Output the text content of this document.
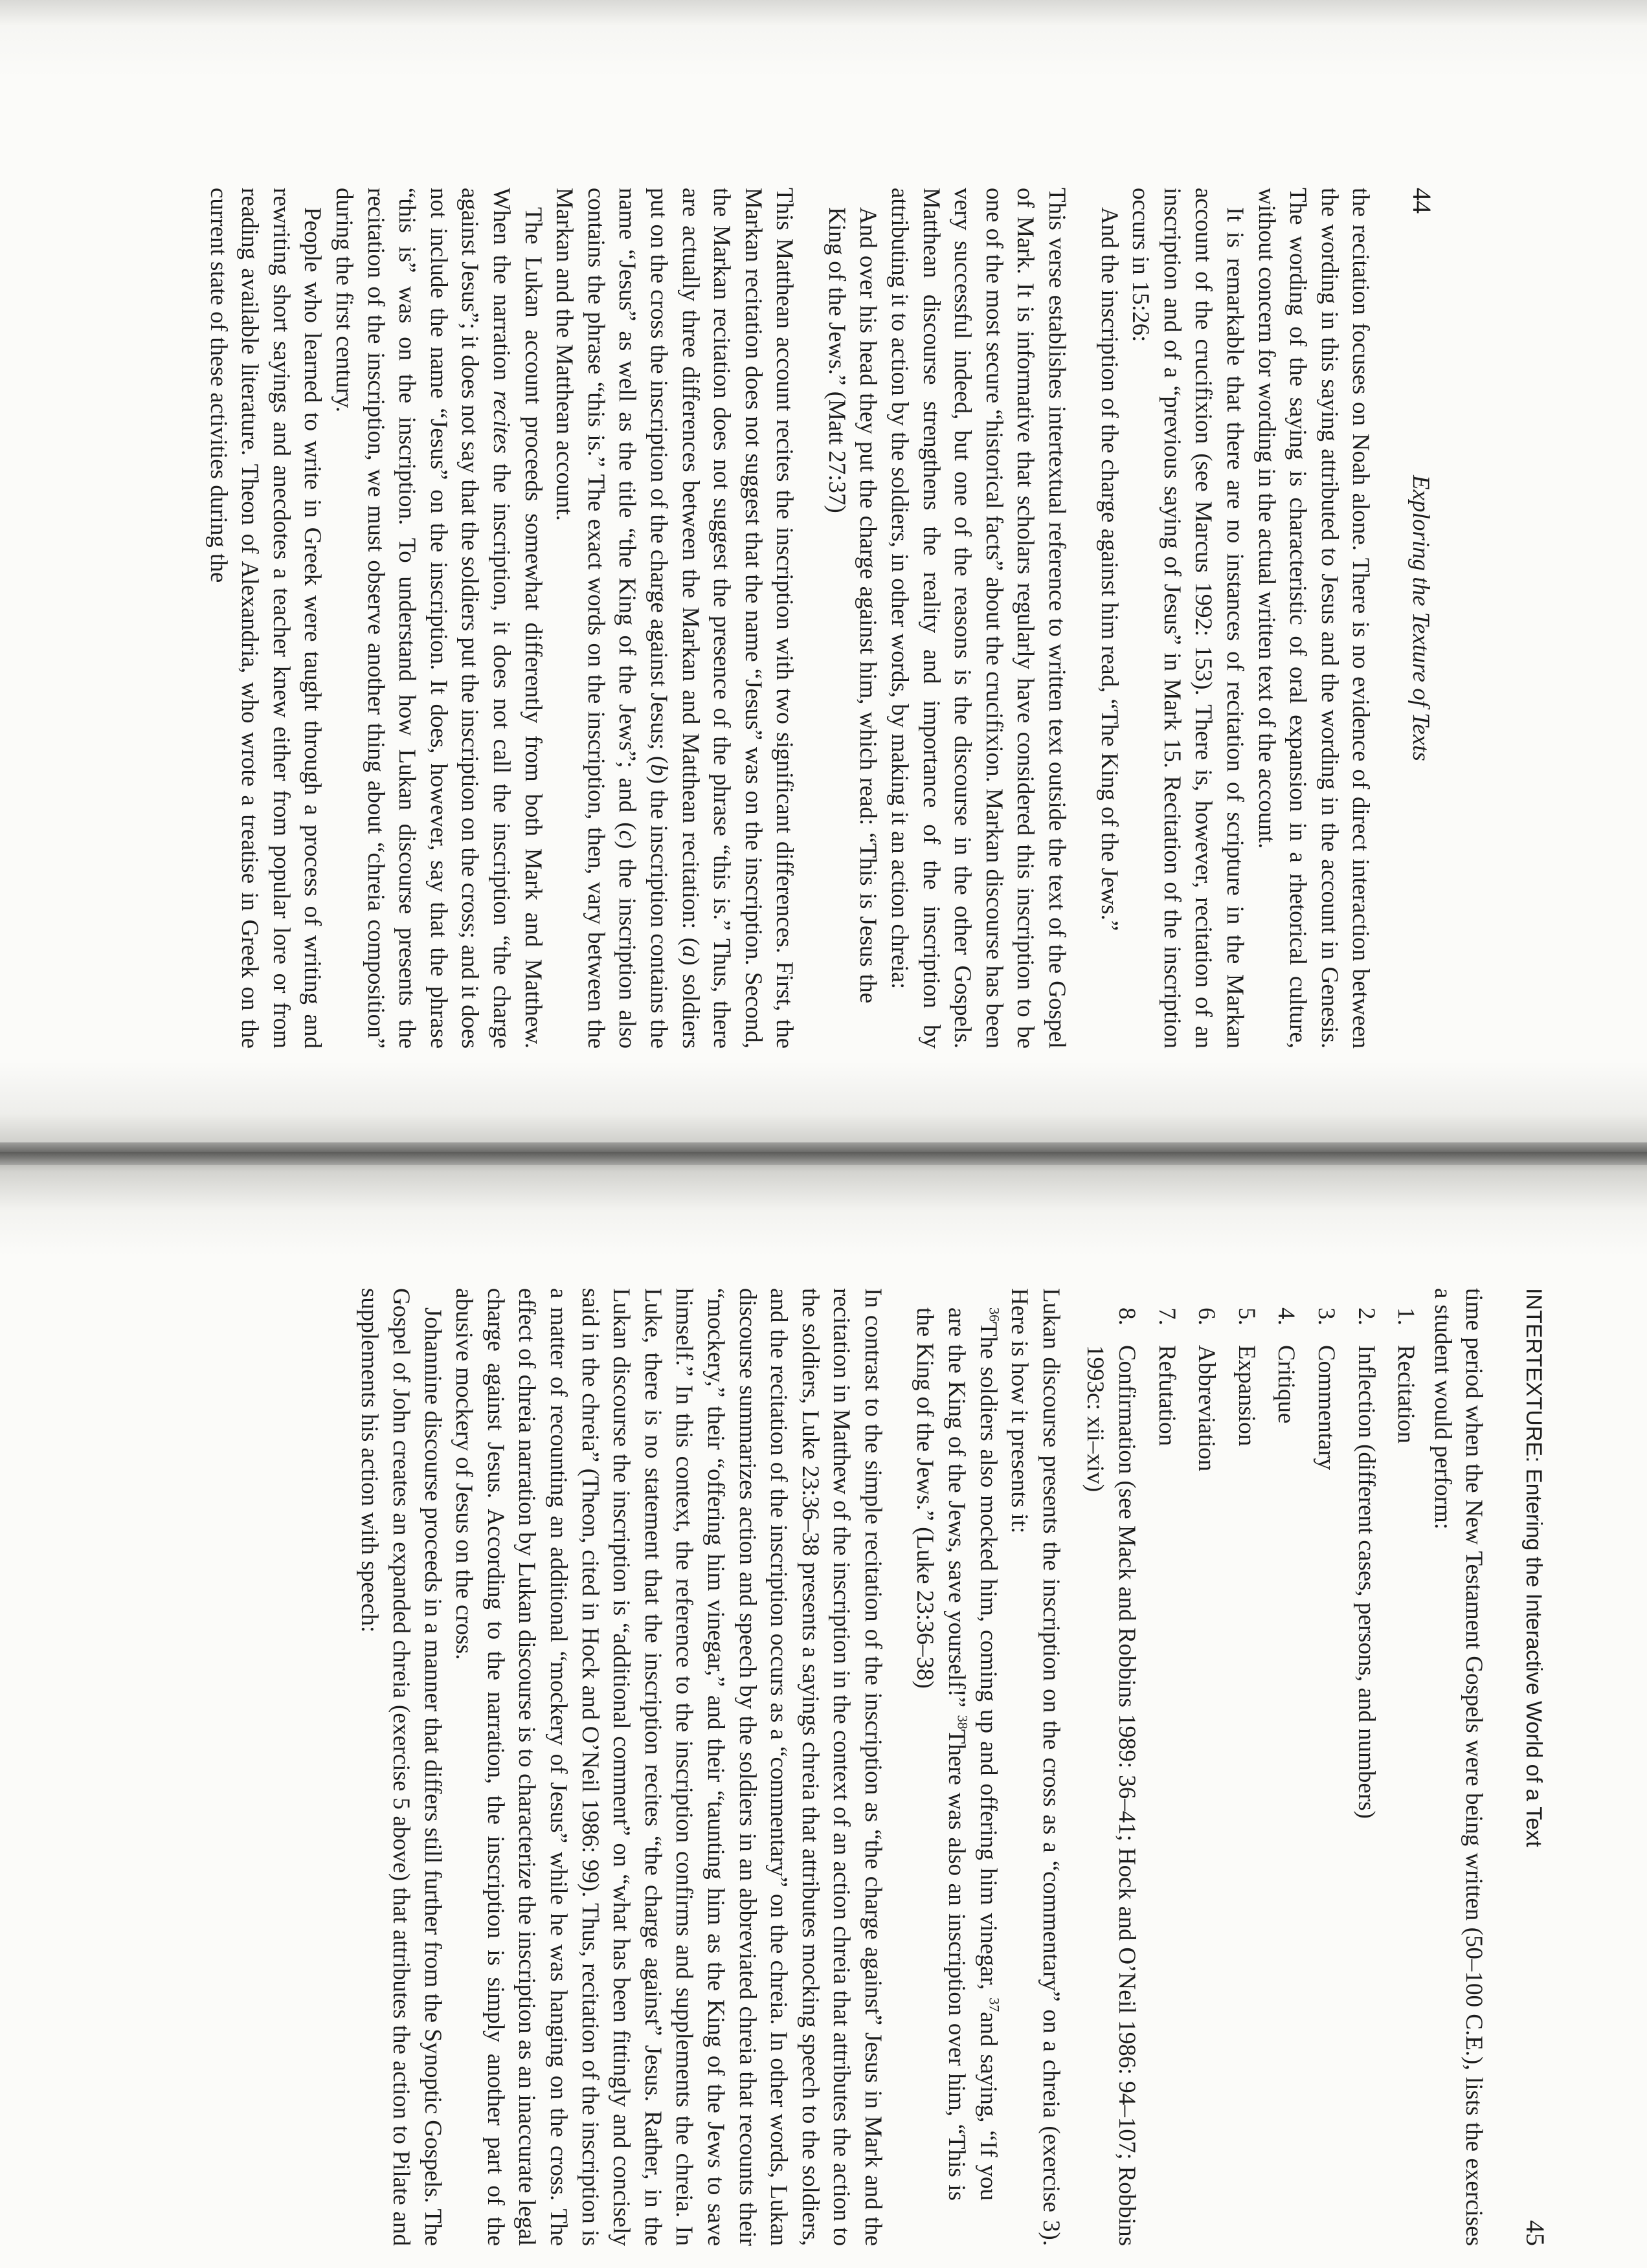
44
Exploring the Texture of Texts

the recitation focuses on Noah alone. There is no evidence of direct interaction between the wording in this saying attributed to Jesus and the wording in the account in Genesis. The wording of the saying is characteristic of oral expansion in a rhetorical culture, without concern for wording in the actual written text of the account.

It is remarkable that there are no instances of recitation of scripture in the Markan account of the crucifixion (see Marcus 1992: 153). There is, however, recitation of an inscription and of a “previous saying of Jesus” in Mark 15. Recitation of the inscription occurs in 15:26:

And the inscription of the charge against him read, “The King of the Jews.”

This verse establishes intertextual reference to written text outside the text of the Gospel of Mark. It is informative that scholars regularly have considered this inscription to be one of the most secure “historical facts” about the crucifixion. Markan discourse has been very successful indeed, but one of the reasons is the discourse in the other Gospels. Matthean discourse strengthens the reality and importance of the inscription by attributing it to action by the soldiers, in other words, by making it an action chreia:

And over his head they put the charge against him, which read: “This is Jesus the King of the Jews.” (Matt 27:37)

This Matthean account recites the inscription with two significant differences. First, the Markan recitation does not suggest that the name “Jesus” was on the inscription. Second, the Markan recitation does not suggest the presence of the phrase “this is.” Thus, there are actually three differences between the Markan and Matthean recitation: (a) soldiers put on the cross the inscription of the charge against Jesus; (b) the inscription contains the name “Jesus” as well as the title “the King of the Jews”; and (c) the inscription also contains the phrase “this is.” The exact words on the inscription, then, vary between the Markan and the Matthean account.

The Lukan account proceeds somewhat differently from both Mark and Matthew. When the narration recites the inscription, it does not call the inscription “the charge against Jesus”; it does not say that the soldiers put the inscription on the cross; and it does not include the name “Jesus” on the inscription. It does, however, say that the phrase “this is” was on the inscription. To understand how Lukan discourse presents the recitation of the inscription, we must observe another thing about “chreia composition” during the first century.

People who learned to write in Greek were taught through a process of writing and rewriting short sayings and anecdotes a teacher knew either from popular lore or from reading available literature. Theon of Alexandria, who wrote a treatise in Greek on the current state of these activities during the

INTERTEXTURE: Entering the Interactive World of a Text
45

time period when the New Testament Gospels were being written (50–100 C.E.), lists the exercises a student would perform:

1.Recitation
2.Inflection (different cases, persons, and numbers)
3.Commentary
4.Critique
5.Expansion
6.Abbreviation
7.Refutation
8.Confirmation (see Mack and Robbins 1989: 36–41; Hock and O’Neil 1986: 94–107; Robbins 1993c: xii–xiv)

Lukan discourse presents the inscription on the cross as a “commentary” on a chreia (exercise 3). Here is how it presents it:

$^{36}$The soldiers also mocked him, coming up and offering him vinegar, $^{37}$and saying, “If you are the King of the Jews, save yourself!” $^{38}$There was also an inscription over him, “This is the King of the Jews.” (Luke 23:36–38)

In contrast to the simple recitation of the inscription as “the charge against” Jesus in Mark and the recitation in Matthew of the inscription in the context of an action chreia that attributes the action to the soldiers, Luke 23:36–38 presents a sayings chreia that attributes mocking speech to the soldiers, and the recitation of the inscription occurs as a “commentary” on the chreia. In other words, Lukan discourse summarizes action and speech by the soldiers in an abbreviated chreia that recounts their “mockery,” their “offering him vinegar,” and their “taunting him as the King of the Jews to save himself.” In this context, the reference to the inscription confirms and supplements the chreia. In Luke, there is no statement that the inscription recites “the charge against” Jesus. Rather, in the Lukan discourse the inscription is “additional comment” on “what has been fittingly and concisely said in the chreia” (Theon, cited in Hock and O’Neil 1986: 99). Thus, recitation of the inscription is a matter of recounting an additional “mockery of Jesus” while he was hanging on the cross. The effect of chreia narration by Lukan discourse is to characterize the inscription as an inaccurate legal charge against Jesus. According to the narration, the inscription is simply another part of the abusive mockery of Jesus on the cross.

Johannine discourse proceeds in a manner that differs still further from the Synoptic Gospels. The Gospel of John creates an expanded chreia (exercise 5 above) that attributes the action to Pilate and supplements his action with speech:
